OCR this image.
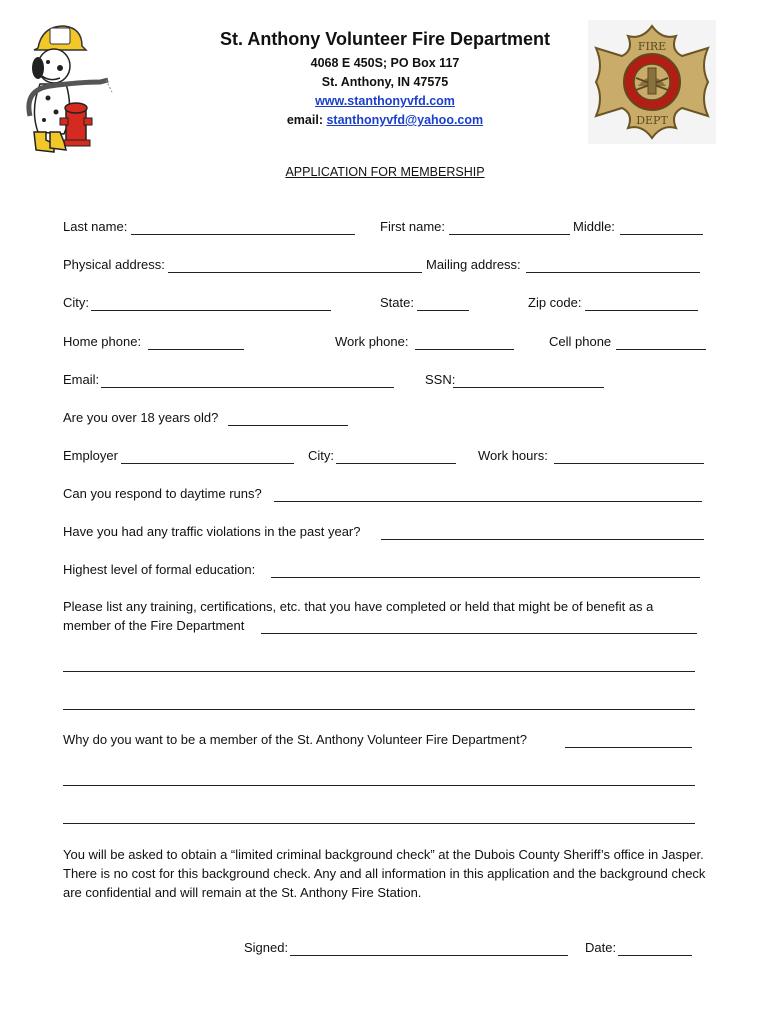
FIRE
DEPT
St. Anthony Volunteer Fire Department
4068 E 450S; PO Box 117
St. Anthony, IN 47575
www.stanthonyvfd.com
email: stanthonyvfd@yahoo.com
APPLICATION FOR MEMBERSHIP
Last name:	First name:	Middle:
Physical address:	Mailing address:
City:	State:	Zip code:
Home phone:	Work phone:	Cell phone
Email:	SSN:
Are you over 18 years old?
Employer	City:	Work hours:
Can you respond to daytime runs?
Have you had any traffic violations in the past year?
Highest level of formal education:
Please list any training, certifications, etc. that you have completed or held that might be of benefit as a
member of the Fire Department
Why do you want to be a member of the St. Anthony Volunteer Fire Department?
You will be asked to obtain a “limited criminal background check” at the Dubois County Sheriff’s office in Jasper. There is no cost for this background check. Any and all information in this application and the background check are confidential and will remain at the St. Anthony Fire Station.
Signed:	Date:
